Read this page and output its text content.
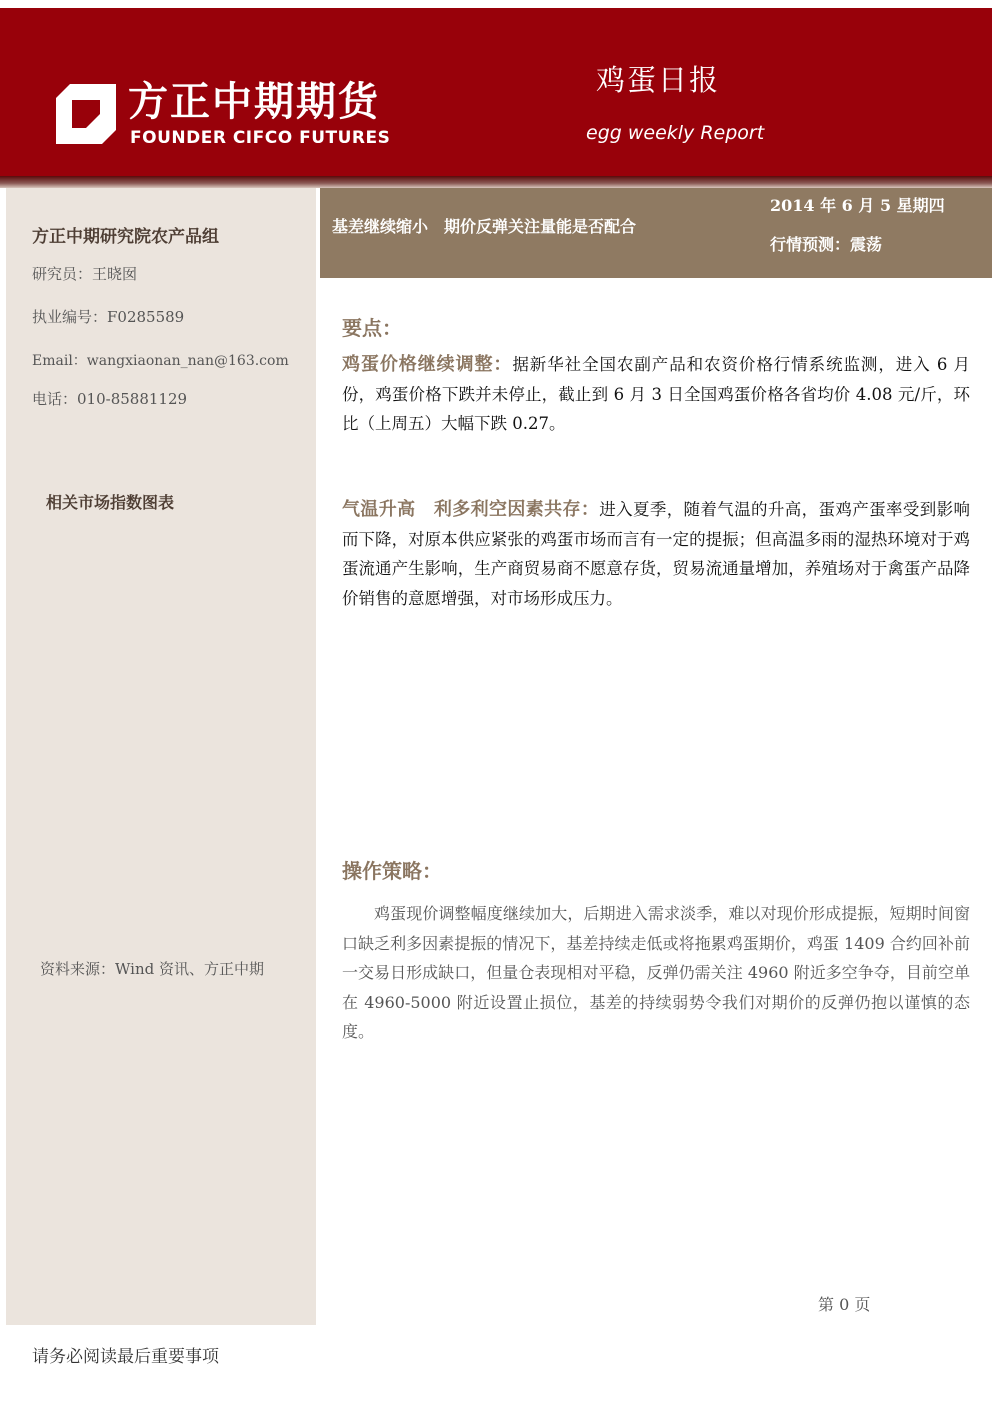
方正中期期货
FOUNDER CIFCO FUTURES
鸡蛋日报
egg weekly Report
方正中期研究院农产品组
研究员：王晓囡
执业编号：F0285589
Email：wangxiaonan_nan@163.com
电话：010-85881129
相关市场指数图表
资料来源：Wind 资讯、方正中期
基差继续缩小　期价反弹关注量能是否配合
2014 年 6 月 5 星期四
行情预测：震荡
要点：
鸡蛋价格继续调整：据新华社全国农副产品和农资价格行情系统监测，进入 6 月份，鸡蛋价格下跌并未停止，截止到 6 月 3 日全国鸡蛋价格各省均价 4.08 元/斤，环比（上周五）大幅下跌 0.27。
气温升高　利多利空因素共存：进入夏季，随着气温的升高，蛋鸡产蛋率受到影响而下降，对原本供应紧张的鸡蛋市场而言有一定的提振；但高温多雨的湿热环境对于鸡蛋流通产生影响，生产商贸易商不愿意存货，贸易流通量增加，养殖场对于禽蛋产品降价销售的意愿增强，对市场形成压力。
操作策略：
鸡蛋现价调整幅度继续加大，后期进入需求淡季，难以对现价形成提振，短期时间窗口缺乏利多因素提振的情况下，基差持续走低或将拖累鸡蛋期价，鸡蛋 1409 合约回补前一交易日形成缺口，但量仓表现相对平稳，反弹仍需关注 4960 附近多空争夺，目前空单在 4960-5000 附近设置止损位，基差的持续弱势令我们对期价的反弹仍抱以谨慎的态度。
第 0 页
请务必阅读最后重要事项
